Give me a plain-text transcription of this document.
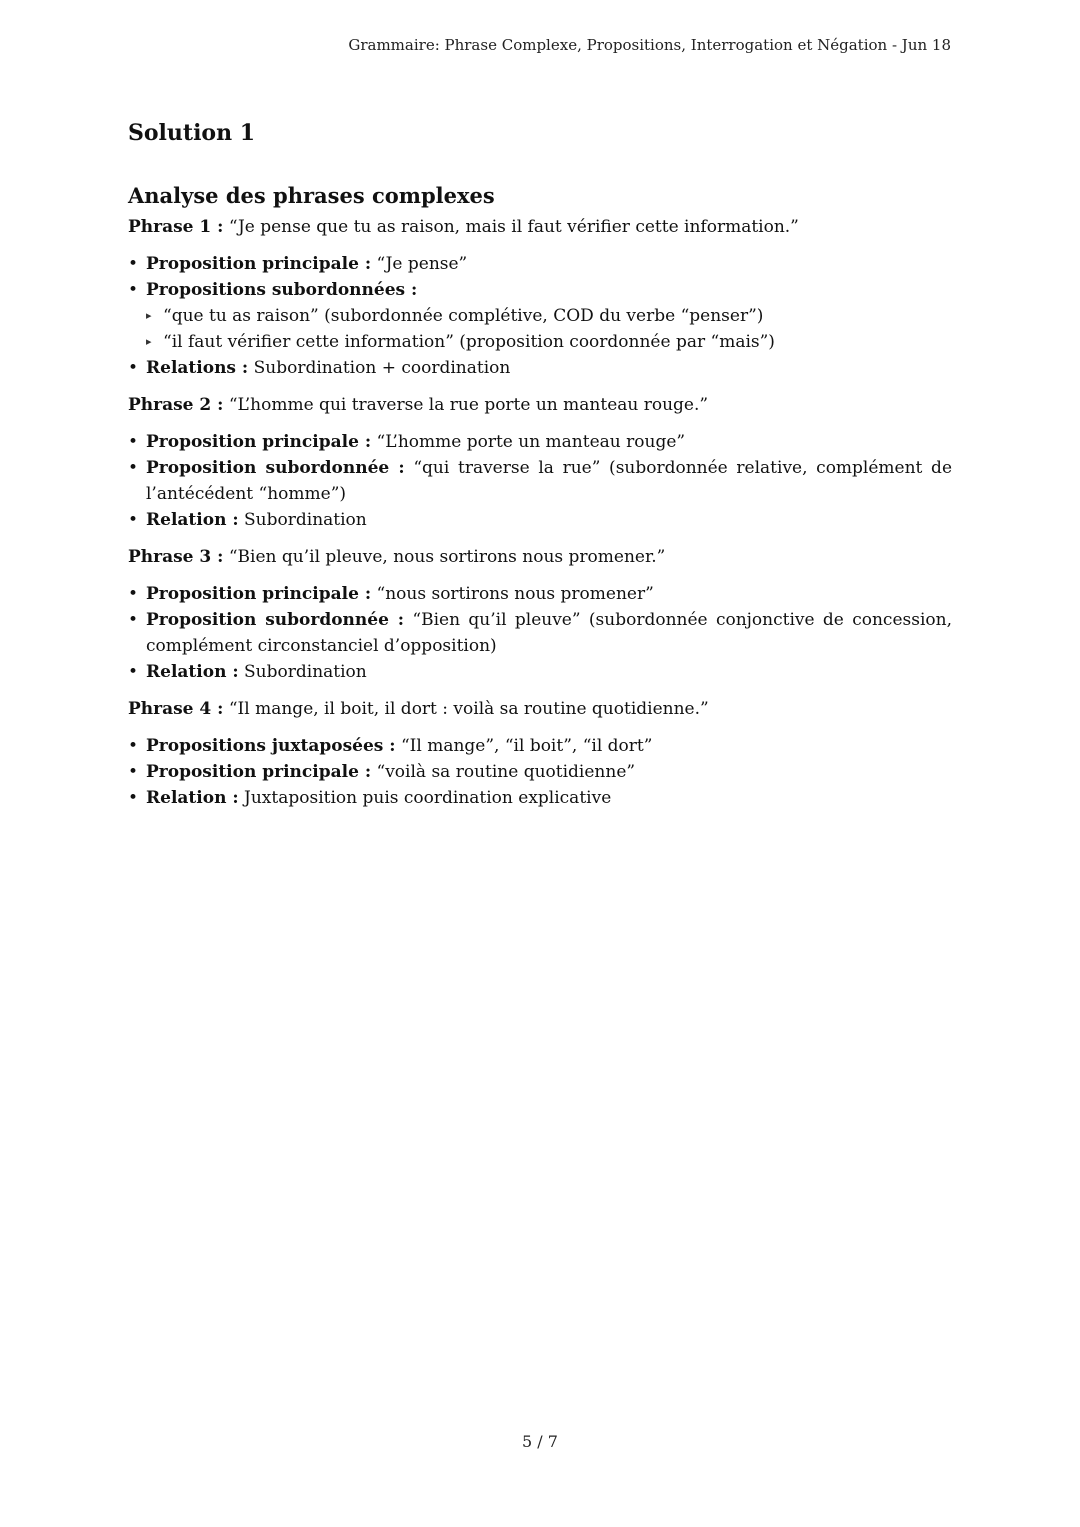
Grammaire: Phrase Complexe, Propositions, Interrogation et Négation - Jun 18
Solution 1
Analyse des phrases complexes

Phrase 1 : “Je pense que tu as raison, mais il faut vérifier cette information.”

• Proposition principale : “Je pense”
• Propositions subordonnées :
▸ “que tu as raison” (subordonnée complétive, COD du verbe “penser”)
▸ “il faut vérifier cette information” (proposition coordonnée par “mais”)
• Relations : Subordination + coordination

Phrase 2 : “L’homme qui traverse la rue porte un manteau rouge.”

• Proposition principale : “L’homme porte un manteau rouge”
• Proposition subordonnée : “qui traverse la rue” (subordonnée relative, complément de l’antécédent “homme”)
• Relation : Subordination

Phrase 3 : “Bien qu’il pleuve, nous sortirons nous promener.”

• Proposition principale : “nous sortirons nous promener”
• Proposition subordonnée : “Bien qu’il pleuve” (subordonnée conjonctive de concession, complément circonstanciel d’opposition)
• Relation : Subordination

Phrase 4 : “Il mange, il boit, il dort : voilà sa routine quotidienne.”

• Propositions juxtaposées : “Il mange”, “il boit”, “il dort”
• Proposition principale : “voilà sa routine quotidienne”
• Relation : Juxtaposition puis coordination explicative
5 / 7
